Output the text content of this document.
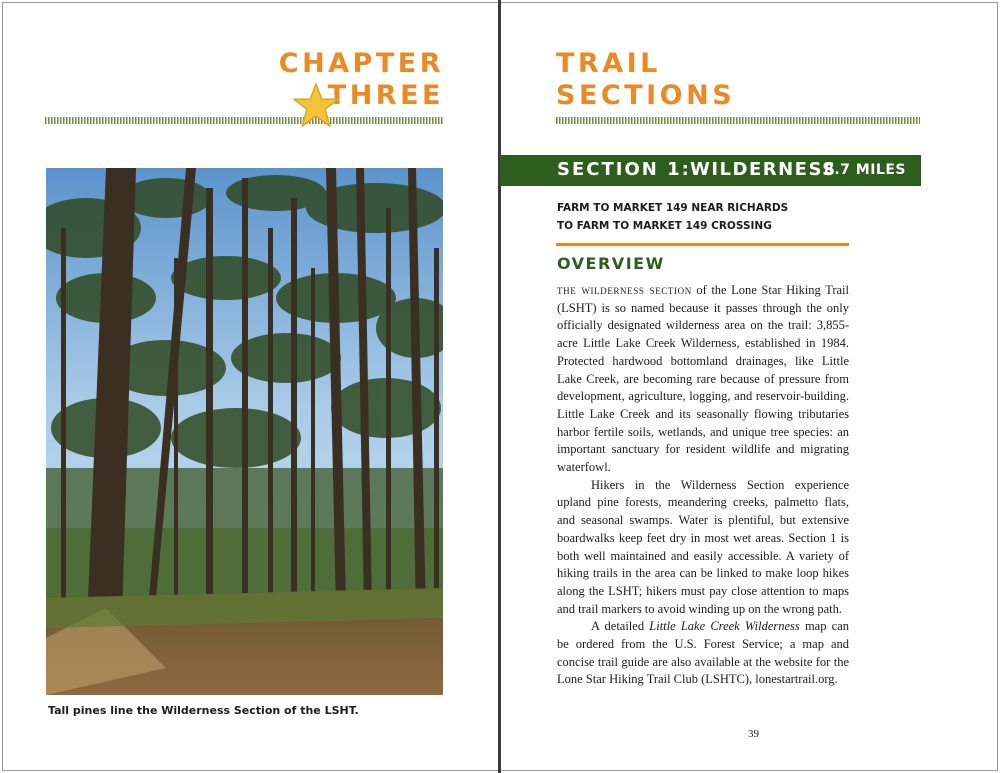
CHAPTER
THREE
Tall pines line the Wilderness Section of the LSHT.
TRAIL
SECTIONS
SECTION 1: WILDERNESS
8.7 MILES
FARM TO MARKET 149 NEAR RICHARDS
TO FARM TO MARKET 149 CROSSING
OVERVIEW

the wilderness section of the Lone Star Hiking Trail (LSHT) is so named because it passes through the only officially designated wilderness area on the trail: 3,855-acre Little Lake Creek Wilderness, established in 1984. Protected hardwood bottomland drainages, like Little Lake Creek, are becoming rare because of pressure from development, agriculture, logging, and reservoir-building. Little Lake Creek and its seasonally flowing tributaries harbor fertile soils, wetlands, and unique tree species: an important sanctuary for resident wildlife and migrating waterfowl.

Hikers in the Wilderness Section experience upland pine forests, meandering creeks, palmetto flats, and seasonal swamps. Water is plentiful, but extensive boardwalks keep feet dry in most wet areas. Section 1 is both well maintained and easily accessible. A variety of hiking trails in the area can be linked to make loop hikes along the LSHT; hikers must pay close attention to maps and trail markers to avoid winding up on the wrong path.

A detailed Little Lake Creek Wilderness map can be ordered from the U.S. Forest Service; a map and concise trail guide are also available at the website for the Lone Star Hiking Trail Club (LSHTC), lonestartrail.org.

39
